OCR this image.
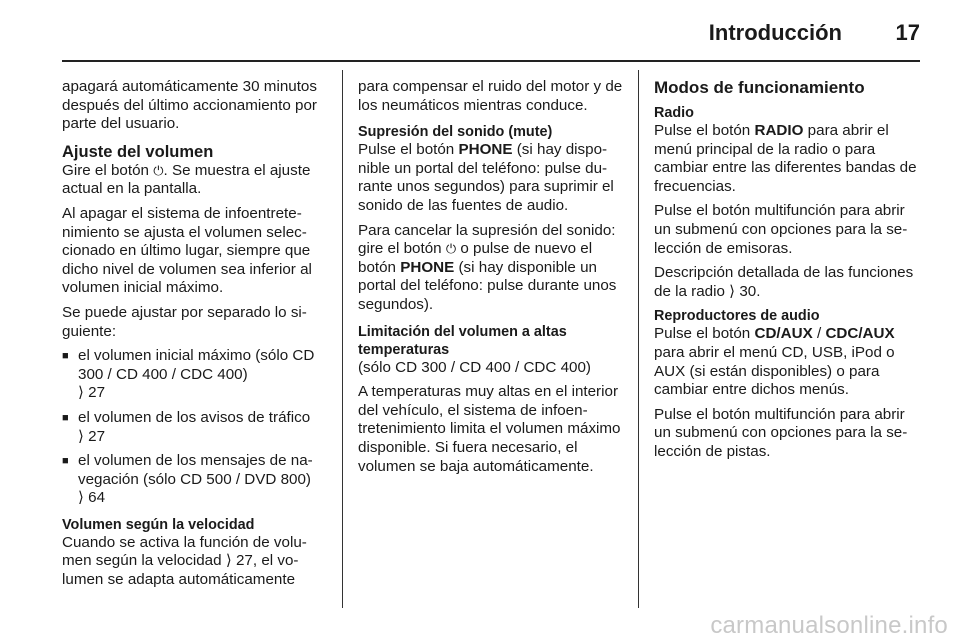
Introducción 17

apagará automáticamente 30 minutos después del último accionamiento por parte del usuario.

Ajuste del volumen

Gire el botón ⏻. Se muestra el ajuste actual en la pantalla.

Al apagar el sistema de infoentretenimiento se ajusta el volumen seleccionado en último lugar, siempre que dicho nivel de volumen sea inferior al volumen inicial máximo.

Se puede ajustar por separado lo siguiente:

■ el volumen inicial máximo (sólo CD 300 / CD 400 / CDC 400)
⟩ 27
■ el volumen de los avisos de tráfico
⟩ 27
■ el volumen de los mensajes de navegación (sólo CD 500 / DVD 800)
⟩ 64
Volumen según la velocidad

Cuando se activa la función de volumen según la velocidad ⟩ 27, el volumen se adapta automáticamente

para compensar el ruido del motor y de los neumáticos mientras conduce.

Supresión del sonido (mute)

Pulse el botón PHONE (si hay disponible un portal del teléfono: pulse durante unos segundos) para suprimir el sonido de las fuentes de audio.

Para cancelar la supresión del sonido: gire el botón ⏻ o pulse de nuevo el botón PHONE (si hay disponible un portal del teléfono: pulse durante unos segundos).

Limitación del volumen a altas temperaturas

(sólo CD 300 / CD 400 / CDC 400)

A temperaturas muy altas en el interior del vehículo, el sistema de infoentretenimiento limita el volumen máximo disponible. Si fuera necesario, el volumen se baja automáticamente.

Modos de funcionamiento
Radio

Pulse el botón RADIO para abrir el menú principal de la radio o para cambiar entre las diferentes bandas de frecuencias.

Pulse el botón multifunción para abrir un submenú con opciones para la selección de emisoras.

Descripción detallada de las funciones de la radio ⟩ 30.

Reproductores de audio

Pulse el botón CD/AUX / CDC/AUX para abrir el menú CD, USB, iPod o AUX (si están disponibles) o para cambiar entre dichos menús.

Pulse el botón multifunción para abrir un submenú con opciones para la selección de pistas.

carmanualsonline.info
